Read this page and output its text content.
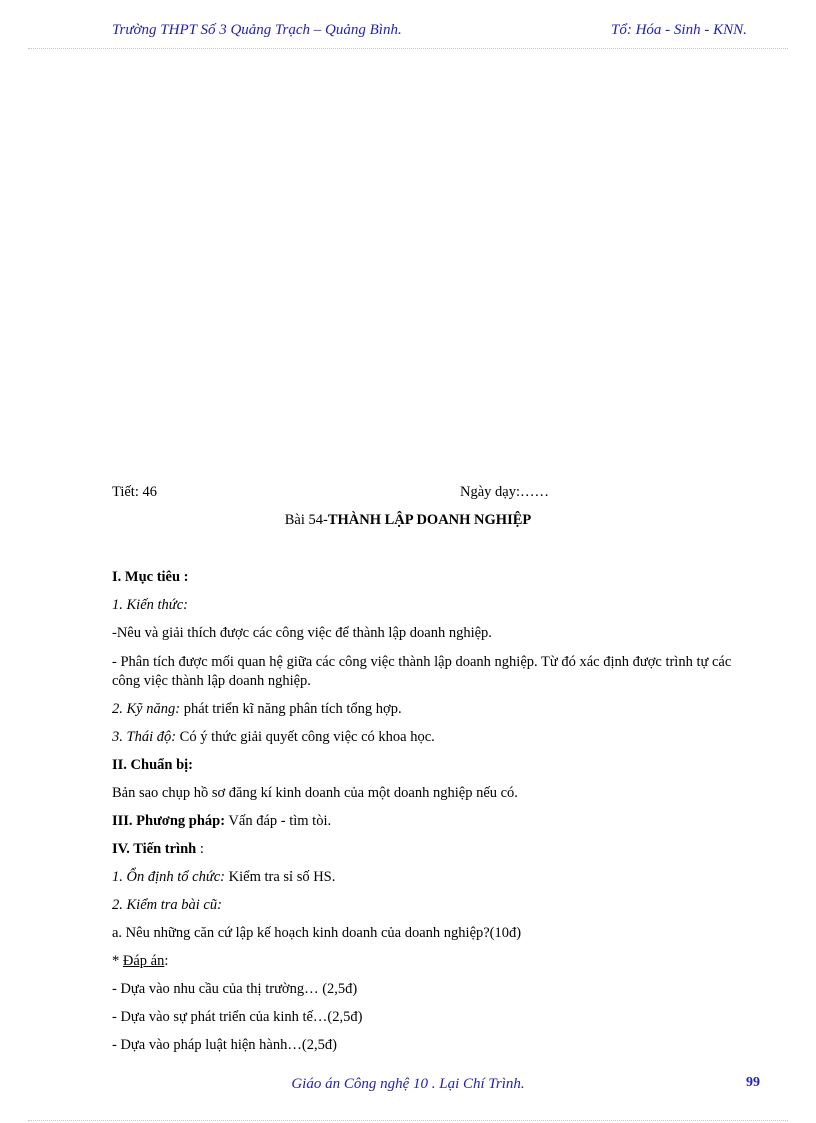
Trường THPT Số 3 Quảng Trạch – Quảng Bình.	Tổ: Hóa - Sinh - KNN.
Tiết: 46	Ngày dạy:……
Bài 54-THÀNH LẬP DOANH NGHIỆP
I. Mục tiêu :
1. Kiến thức:
-Nêu và giải thích được các công việc để thành lập doanh nghiệp.
- Phân tích được mối quan hệ giữa các công việc thành lập doanh nghiệp. Từ đó xác định được trình tự các công việc thành lập doanh nghiệp.
2. Kỹ năng: phát triển kĩ năng phân tích tổng hợp.
3. Thái độ: Có ý thức giải quyết công việc có khoa học.
II. Chuẩn bị:
Bản sao chụp hồ sơ đăng kí kinh doanh của một doanh nghiệp nếu có.
III. Phương pháp: Vấn đáp - tìm tòi.
IV. Tiến trình :
1. Ổn định tổ chức: Kiểm tra sỉ số HS.
2. Kiểm tra bài cũ:
a. Nêu những căn cứ lập kế hoạch kinh doanh của doanh nghiệp?(10đ)
* Đáp án:
- Dựa vào nhu cầu của thị trường… (2,5đ)
- Dựa vào sự phát triển của kinh tế…(2,5đ)
- Dựa vào pháp luật hiện hành…(2,5đ)
Giáo án Công nghệ 10 . Lại Chí Trình.	99
